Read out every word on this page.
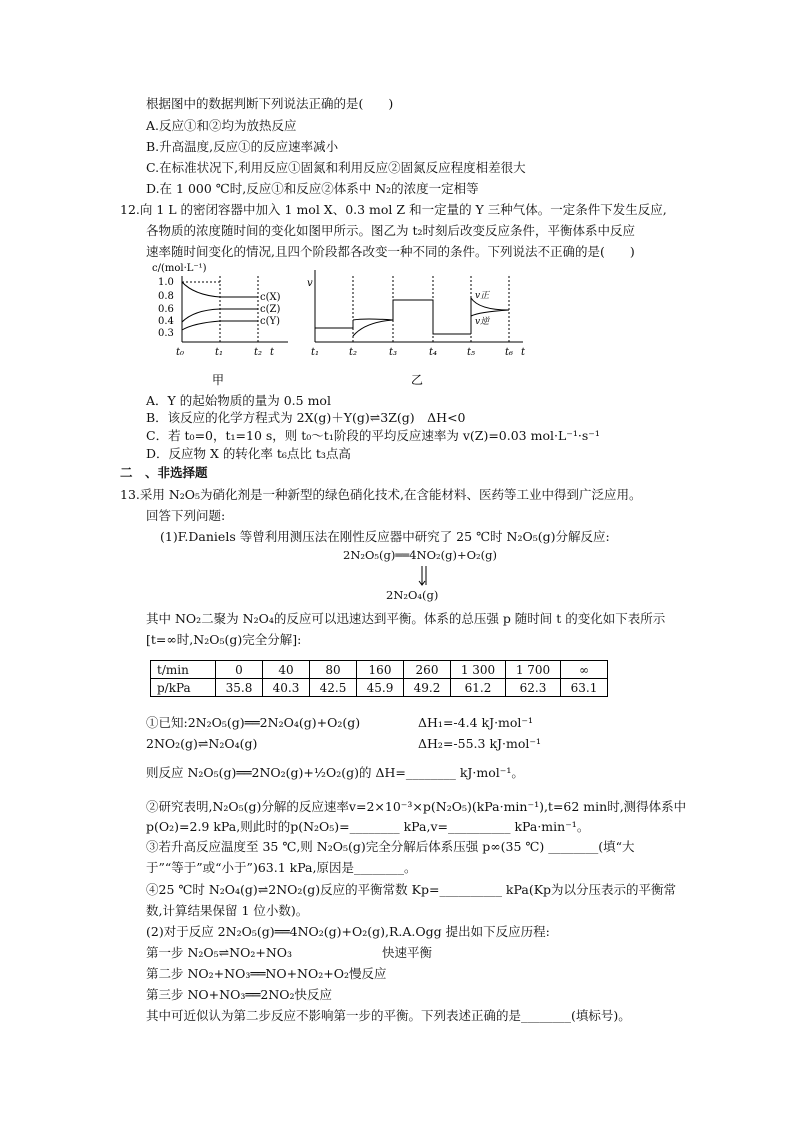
根据图中的数据判断下列说法正确的是(　　)
A.反应①和②均为放热反应
B.升高温度,反应①的反应速率减小
C.在标准状况下,利用反应①固氮和利用反应②固氮反应程度相差很大
D.在 1 000 ℃时,反应①和反应②体系中 N₂的浓度一定相等
12.向 1 L 的密闭容器中加入 1 mol X、0.3 mol Z 和一定量的 Y 三种气体。一定条件下发生反应,
各物质的浓度随时间的变化如图甲所示。图乙为 t₂时刻后改变反应条件，平衡体系中反应
速率随时间变化的情况,且四个阶段都各改变一种不同的条件。下列说法不正确的是(　　)
c/(mol·L⁻¹)
1.0
0.8
0.6
0.4
0.3
c(X)
c(Z)
c(Y)
t₀	t₁	t₂ t
甲
v
v正
v逆
t₁	t₂	t₃	t₄	t₅	t₆ t
乙
A．Y 的起始物质的量为 0.5 mol
B．该反应的化学方程式为 2X(g)＋Y(g)⇌3Z(g)　ΔH<0
C．若 t₀=0，t₁=10 s，则 t₀～t₁阶段的平均反应速率为 v(Z)=0.03 mol·L⁻¹·s⁻¹
D．反应物 X 的转化率 t₆点比 t₃点高
二　、非选择题
13.采用 N₂O₅为硝化剂是一种新型的绿色硝化技术,在含能材料、医药等工业中得到广泛应用。
回答下列问题:
(1)F.Daniels 等曾利用测压法在刚性反应器中研究了 25 ℃时 N₂O₅(g)分解反应:
2N₂O₅(g)══4NO₂(g)+O₂(g)
2N₂O₄(g)
其中 NO₂二聚为 N₂O₄的反应可以迅速达到平衡。体系的总压强 p 随时间 t 的变化如下表所示
[t=∞时,N₂O₅(g)完全分解]:
t/min	0	40	80	160	260	1 300	1 700	∞
p/kPa	35.8	40.3	42.5	45.9	49.2	61.2	62.3	63.1
①已知:2N₂O₅(g)══2N₂O₄(g)+O₂(g)	ΔH₁=-4.4 kJ·mol⁻¹
2NO₂(g)⇌N₂O₄(g)	ΔH₂=-55.3 kJ·mol⁻¹
则反应 N₂O₅(g)══2NO₂(g)+½O₂(g)的 ΔH=________ kJ·mol⁻¹。
②研究表明,N₂O₅(g)分解的反应速率v=2×10⁻³×p(N₂O₅)(kPa·min⁻¹),t=62 min时,测得体系中
p(O₂)=2.9 kPa,则此时的p(N₂O₅)=________ kPa,v=__________ kPa·min⁻¹。
③若升高反应温度至 35 ℃,则 N₂O₅(g)完全分解后体系压强 p∞(35 ℃) ________(填“大
于”“等于”或“小于”)63.1 kPa,原因是________。
④25 ℃时 N₂O₄(g)⇌2NO₂(g)反应的平衡常数 Kp=__________ kPa(Kp为以分压表示的平衡常
数,计算结果保留 1 位小数)。
(2)对于反应 2N₂O₅(g)══4NO₂(g)+O₂(g),R.A.Ogg 提出如下反应历程:
第一步 N₂O₅⇌NO₂+NO₃	快速平衡
第二步 NO₂+NO₃══NO+NO₂+O₂慢反应
第三步 NO+NO₃══2NO₂快反应
其中可近似认为第二步反应不影响第一步的平衡。下列表述正确的是________(填标号)。
